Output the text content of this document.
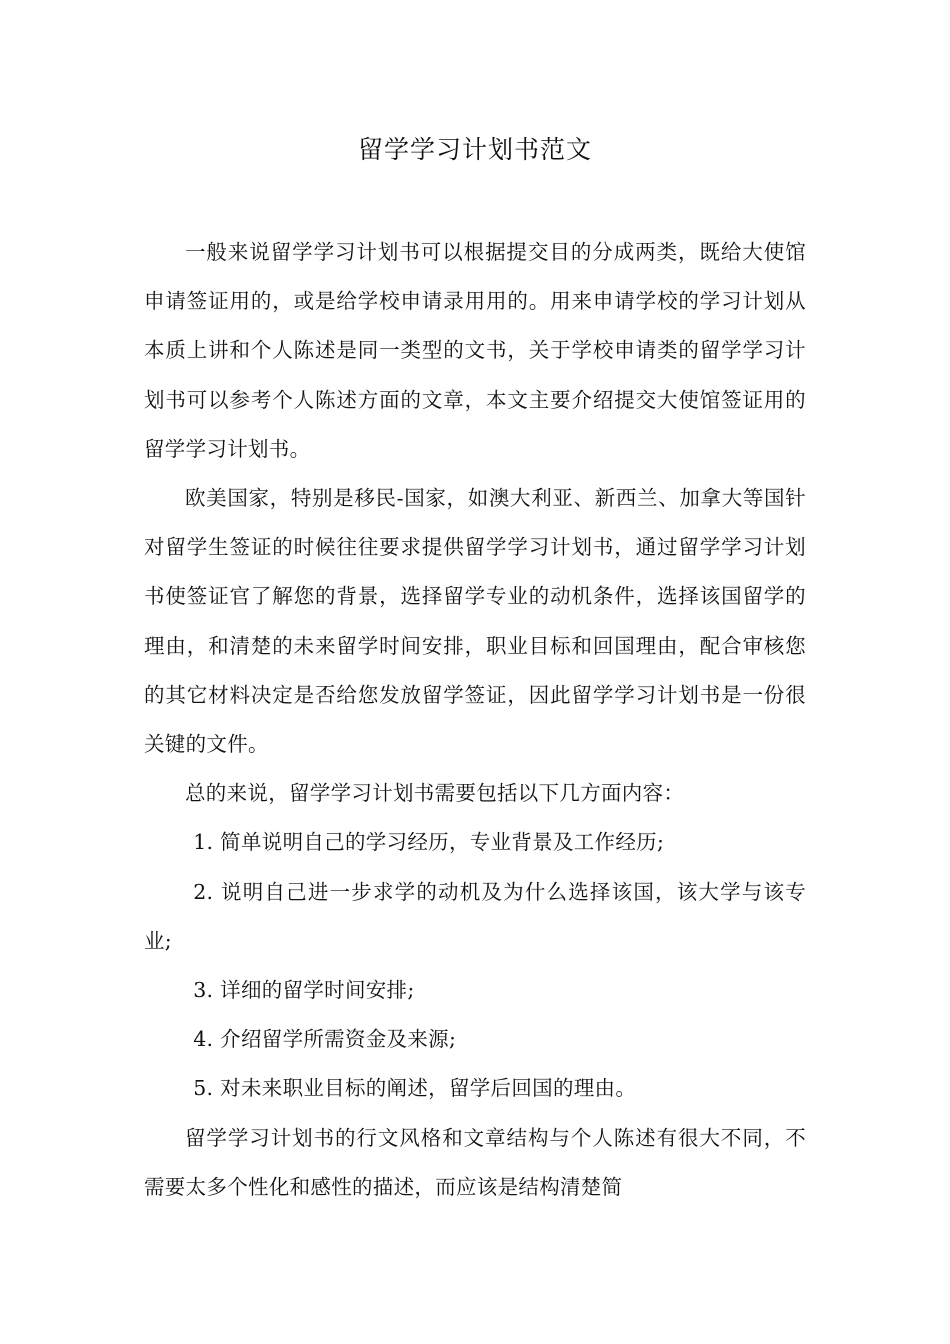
留学学习计划书范文

一般来说留学学习计划书可以根据提交目的分成两类，既给大使馆申请签证用的，或是给学校申请录用用的。用来申请学校的学习计划从本质上讲和个人陈述是同一类型的文书，关于学校申请类的留学学习计划书可以参考个人陈述方面的文章，本文主要介绍提交大使馆签证用的留学学习计划书。

欧美国家，特别是移民-国家，如澳大利亚、新西兰、加拿大等国针对留学生签证的时候往往要求提供留学学习计划书，通过留学学习计划书使签证官了解您的背景，选择留学专业的动机条件，选择该国留学的理由，和清楚的未来留学时间安排，职业目标和回国理由，配合审核您的其它材料决定是否给您发放留学签证，因此留学学习计划书是一份很关键的文件。

总的来说，留学学习计划书需要包括以下几方面内容：

1. 简单说明自己的学习经历，专业背景及工作经历;

2. 说明自己进一步求学的动机及为什么选择该国，该大学与该专业;

3. 详细的留学时间安排;

4. 介绍留学所需资金及来源;

5. 对未来职业目标的阐述，留学后回国的理由。

留学学习计划书的行文风格和文章结构与个人陈述有很大不同，不需要太多个性化和感性的描述，而应该是结构清楚简
